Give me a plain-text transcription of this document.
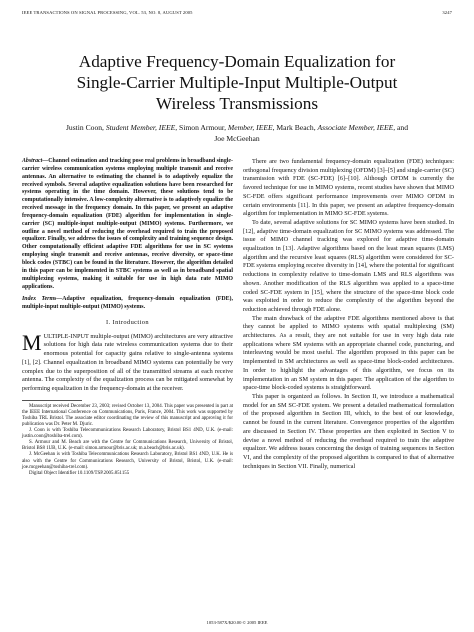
IEEE TRANSACTIONS ON SIGNAL PROCESSING, VOL. 53, NO. 8, AUGUST 2005	3247
Adaptive Frequency-Domain Equalization for
Single-Carrier Multiple-Input Multiple-Output
Wireless Transmissions
Justin Coon, Student Member, IEEE, Simon Armour, Member, IEEE, Mark Beach, Associate Member, IEEE, and
Joe McGeehan
Abstract—Channel estimation and tracking pose real problems in broadband single-carrier wireless communication systems employing multiple transmit and receive antennas. An alternative to estimating the channel is to adaptively equalize the received symbols. Several adaptive equalization solutions have been researched for systems operating in the time domain. However, these solutions tend to be computationally intensive. A low-complexity alternative is to adaptively equalize the received message in the frequency domain. In this paper, we present an adaptive frequency-domain equalization (FDE) algorithm for implementation in single-carrier (SC) multiple-input multiple-output (MIMO) systems. Furthermore, we outline a novel method of reducing the overhead required to train the proposed equalizer. Finally, we address the issues of complexity and training sequence design. Other computationally efficient adaptive FDE algorithms for use in SC systems employing single transmit and receive antennas, receive diversity, or space-time block codes (STBC) can be found in the literature. However, the algorithm detailed in this paper can be implemented in STBC systems as well as in broadband spatial multiplexing systems, making it suitable for use in high data rate MIMO applications.
Index Terms—Adaptive equalization, frequency-domain equalization (FDE), multiple-input multiple-output (MIMO) systems.
I. Introduction

MULTIPLE-INPUT multiple-output (MIMO) architectures are very attractive solutions for high data rate wireless communication systems due to their enormous potential for capacity gains relative to single-antenna systems [1], [2]. Channel equalization in broadband MIMO systems can potentially be very complex due to the superposition of all of the transmitted streams at each receive antenna. The complexity of the equalization process can be mitigated somewhat by performing equalization in the frequency-domain at the receiver.

Manuscript received December 23, 2003; revised October 13, 2004. This paper was presented in part at the IEEE International Conference on Communications, Paris, France, 2004. This work was supported by Toshiba TRL Bristol. The associate editor coordinating the review of this manuscript and approving it for publication was Dr. Peter M. Djuric.

J. Coon is with Toshiba Telecommunications Research Laboratory, Bristol BS1 4ND, U.K. (e-mail: justin.coon@toshiba-trel.com).

S. Armour and M. Beach are with the Centre for Communications Research, University of Bristol, Bristol BS8 1UB, U.K. (e-mail: simon.armour@bris.ac.uk; m.a.beach@bris.ac.uk).

J. McGeehan is with Toshiba Telecommunications Research Laboratory, Bristol BS1 4ND, U.K. He is also with the Centre for Communications Research, University of Bristol, Bristol, U.K. (e-mail: joe.mcgeehan@toshiba-trel.com).

Digital Object Identifier 10.1109/TSP.2005.851155

There are two fundamental frequency-domain equalization (FDE) techniques: orthogonal frequency division multiplexing (OFDM) [3]–[5] and single-carrier (SC) transmission with FDE (SC-FDE) [6]–[10]. Although OFDM is currently the favored technique for use in MIMO systems, recent studies have shown that MIMO SC-FDE offers significant performance improvements over MIMO OFDM in certain environments [11]. In this paper, we present an adaptive frequency-domain algorithm for implementation in MIMO SC-FDE systems.

To date, several adaptive solutions for SC MIMO systems have been studied. In [12], adaptive time-domain equalization for SC MIMO systems was addressed. The issue of MIMO channel tracking was explored for adaptive time-domain equalization in [13]. Adaptive algorithms based on the least mean squares (LMS) algorithm and the recursive least squares (RLS) algorithm were considered for SC-FDE systems employing receive diversity in [14], where the potential for significant reductions in complexity relative to time-domain LMS and RLS algorithms was shown. Another modification of the RLS algorithm was applied to a space-time coded SC-FDE system in [15], where the structure of the space-time block code was exploited in order to reduce the complexity of the algorithm beyond the reduction achieved through FDE alone.

The main drawback of the adaptive FDE algorithms mentioned above is that they cannot be applied to MIMO systems with spatial multiplexing (SM) architectures. As a result, they are not suitable for use in very high data rate applications where SM systems with an appropriate channel code, puncturing, and interleaving would be most useful. The algorithm proposed in this paper can be implemented in SM architectures as well as space-time block-coded architectures. In order to highlight the advantages of this algorithm, we focus on its implementation in an SM system in this paper. The application of the algorithm to space-time block-coded systems is straightforward.

This paper is organized as follows. In Section II, we introduce a mathematical model for an SM SC-FDE system. We present a detailed mathematical formulation of the proposed algorithm in Section III, which, to the best of our knowledge, cannot be found in the current literature. Convergence properties of the algorithm are discussed in Section IV. These properties are then exploited in Section V to devise a novel method of reducing the overhead required to train the adaptive equalizer. We address issues concerning the design of training sequences in Section VI, and the complexity of the proposed algorithm is compared to that of alternative techniques in Section VII. Finally, numerical

1053-587X/$20.00 © 2005 IEEE
